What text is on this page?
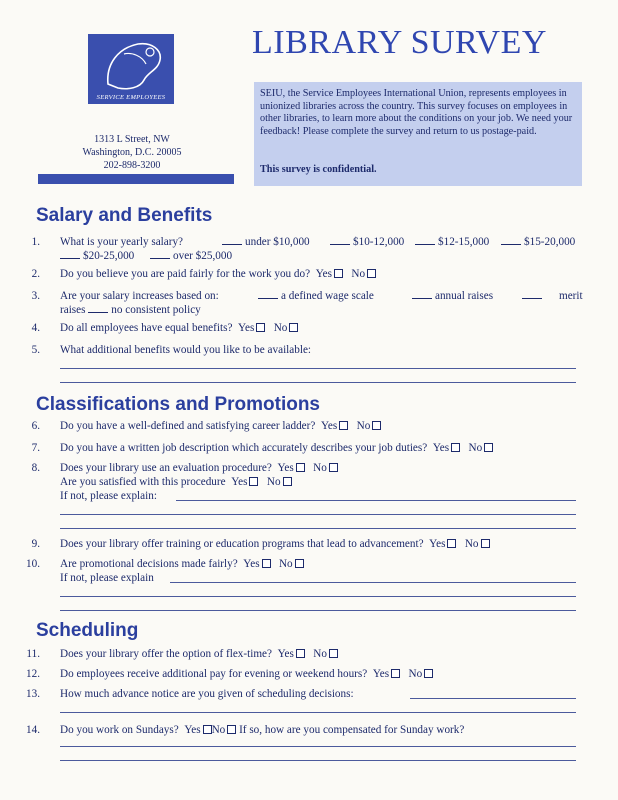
SERVICE EMPLOYEES
1313 L Street, NW
Washington, D.C. 20005
202-898-3200
LIBRARY SURVEY
SEIU, the Service Employees International Union, represents employees in unionized libraries across the country. This survey focuses on employees in other libraries, to learn more about the conditions on your job. We need your feedback! Please complete the survey and return to us postage-paid.
This survey is confidential.
Salary and Benefits
1. What is your yearly salary?	under $10,000	$10-12,000	$12-15,000	$15-20,000
$20-25,000	over $25,000
2. Do you believe you are paid fairly for the work you do? Yes No
3. Are your salary increases based on:	a defined wage scale	annual raises	merit
raises no consistent policy
4. Do all employees have equal benefits? Yes No
5. What additional benefits would you like to be available:
Classifications and Promotions
6. Do you have a well-defined and satisfying career ladder? Yes No
7. Do you have a written job description which accurately describes your job duties? Yes No
8. Does your library use an evaluation procedure? Yes No
Are you satisfied with this procedure Yes No
If not, please explain:
9. Does your library offer training or education programs that lead to advancement? Yes No
10. Are promotional decisions made fairly? Yes No
If not, please explain
Scheduling
11. Does your library offer the option of flex-time? Yes No
12. Do employees receive additional pay for evening or weekend hours? Yes No
13. How much advance notice are you given of scheduling decisions:
14. Do you work on Sundays? Yes No If so, how are you compensated for Sunday work?
